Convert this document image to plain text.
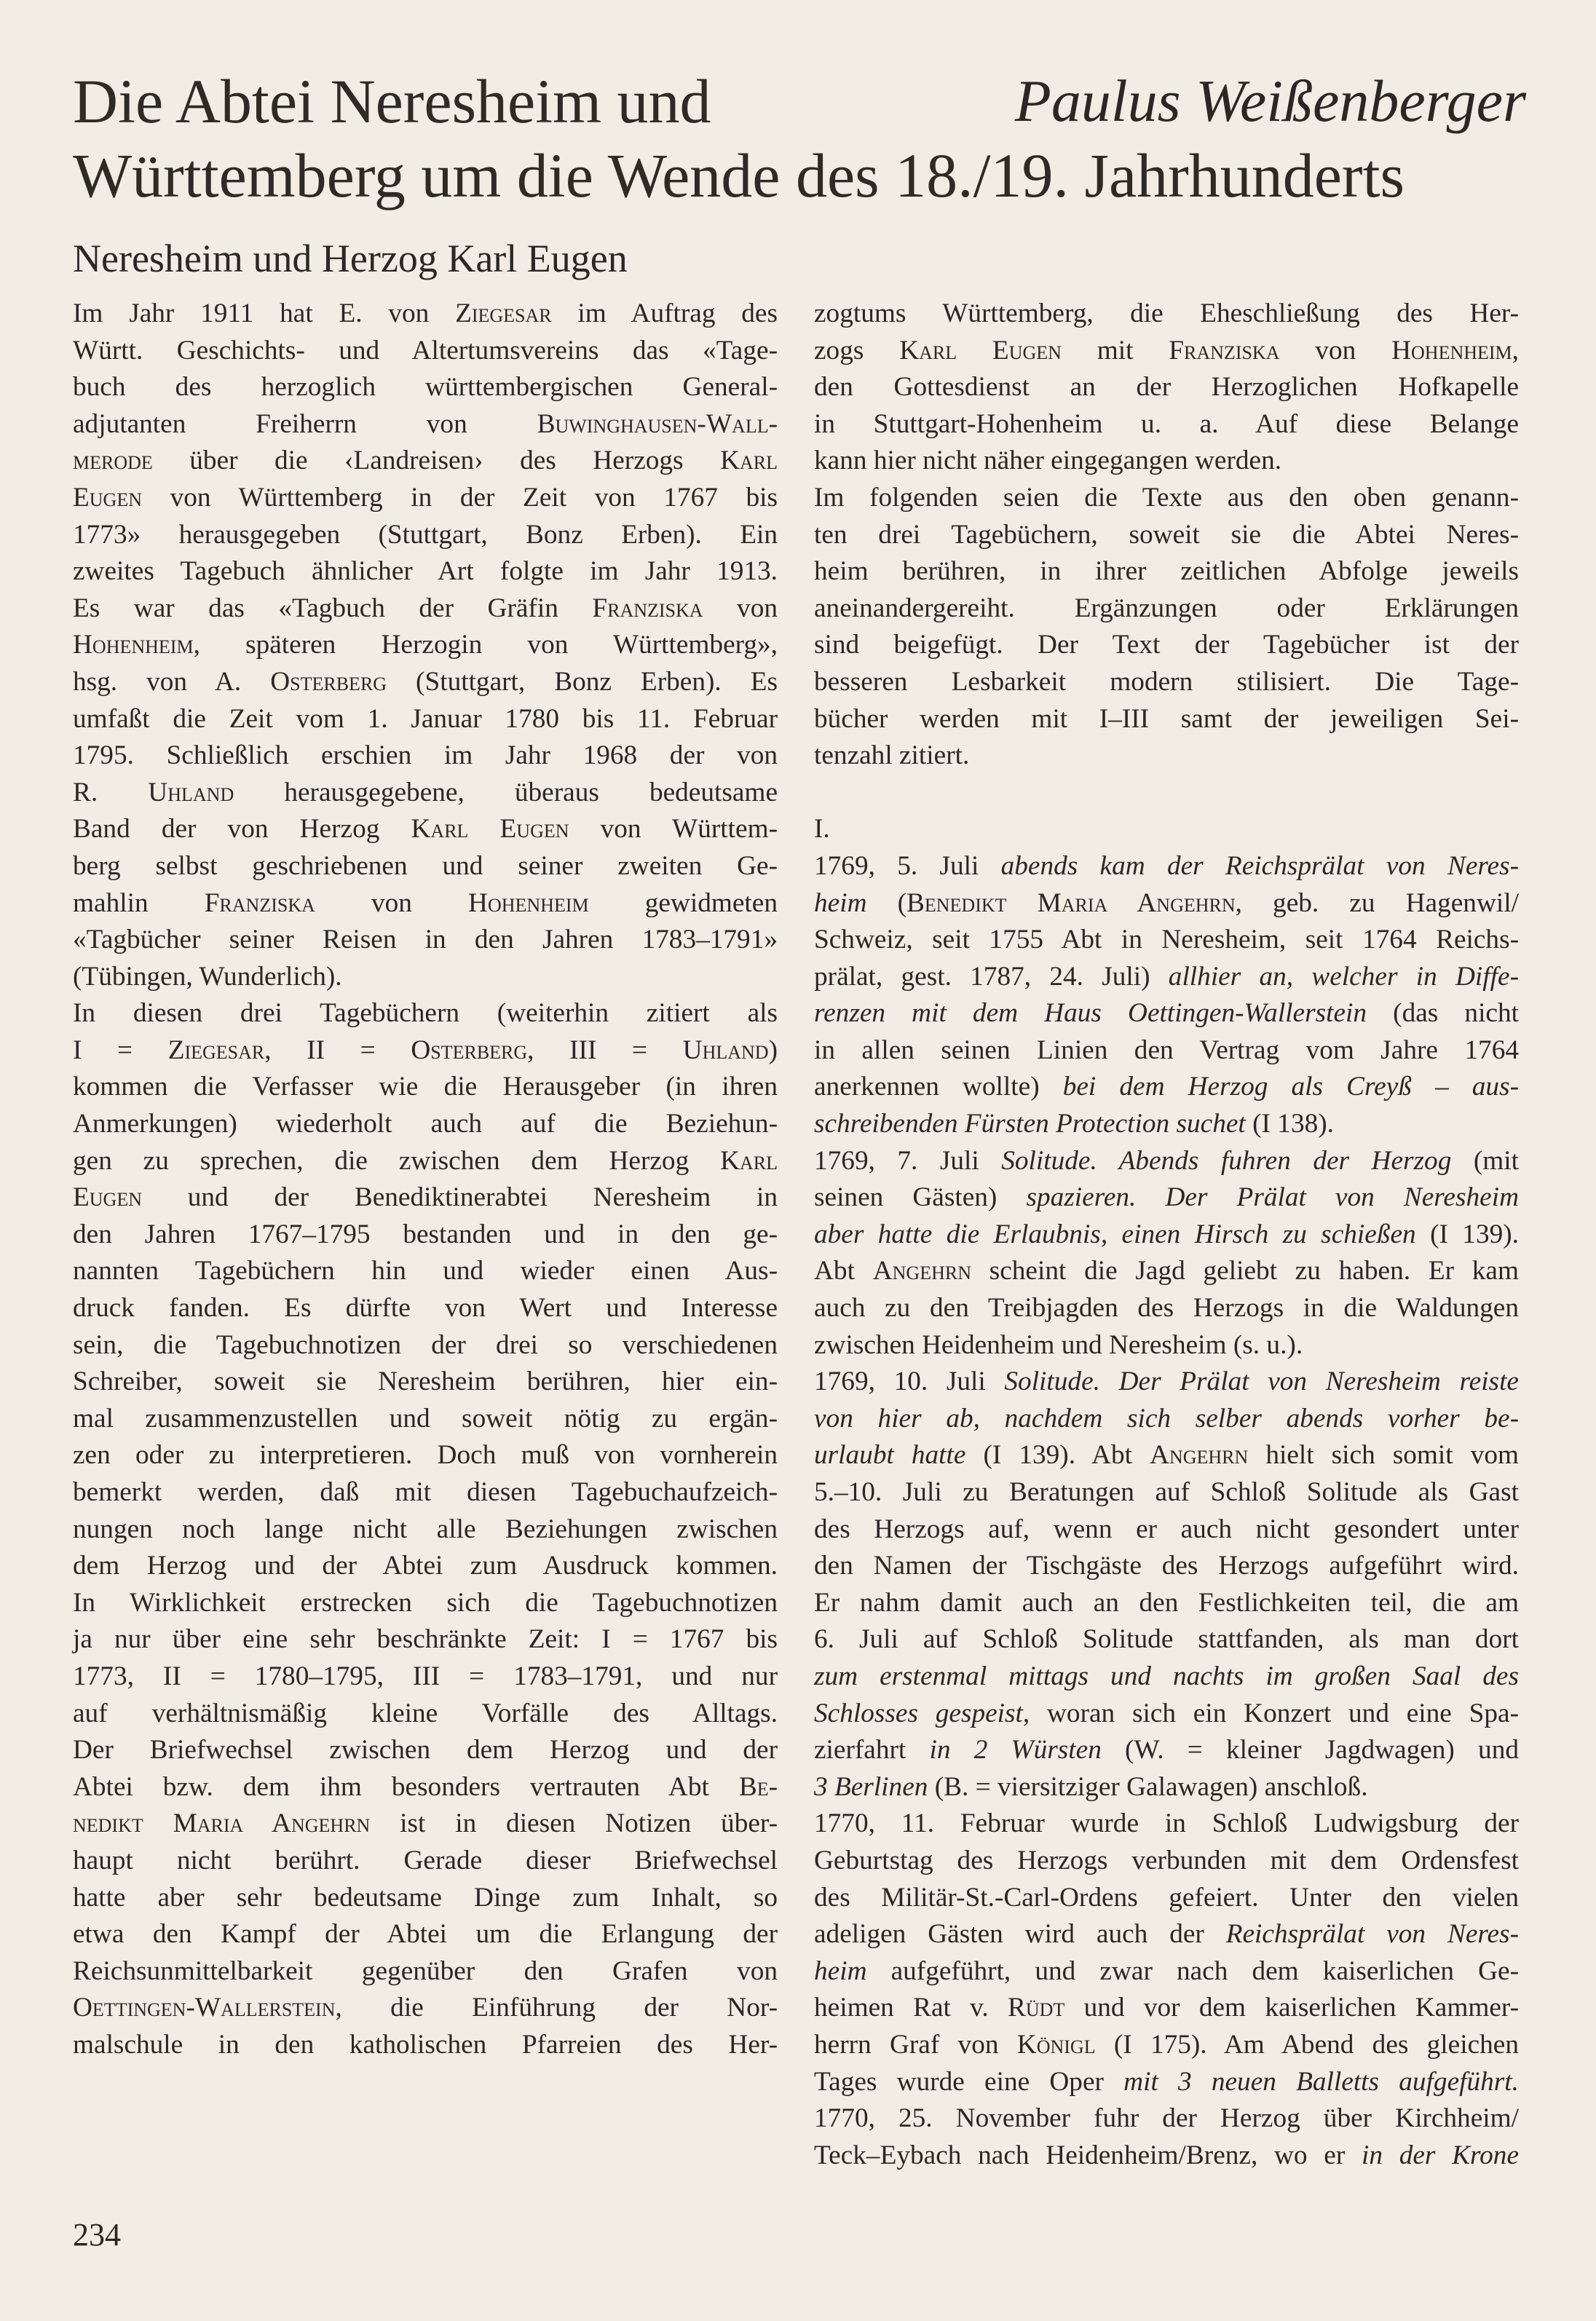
Die Abtei Neresheim und	Paulus Weißenberger
Württemberg um die Wende des 18./19. Jahrhunderts
Neresheim und Herzog Karl Eugen
Im Jahr 1911 hat E. von Ziegesar im Auftrag des
Württ. Geschichts- und Altertumsvereins das «Tage-
buch des herzoglich württembergischen General-
adjutanten Freiherrn von Buwinghausen-Wall-
merode über die ‹Landreisen› des Herzogs Karl
Eugen von Württemberg in der Zeit von 1767 bis
1773» herausgegeben (Stuttgart, Bonz Erben). Ein
zweites Tagebuch ähnlicher Art folgte im Jahr 1913.
Es war das «Tagbuch der Gräfin Franziska von
Hohenheim, späteren Herzogin von Württemberg»,
hsg. von A. Osterberg (Stuttgart, Bonz Erben). Es
umfaßt die Zeit vom 1. Januar 1780 bis 11. Februar
1795. Schließlich erschien im Jahr 1968 der von
R. Uhland herausgegebene, überaus bedeutsame
Band der von Herzog Karl Eugen von Württem-
berg selbst geschriebenen und seiner zweiten Ge-
mahlin Franziska von Hohenheim gewidmeten
«Tagbücher seiner Reisen in den Jahren 1783–1791»
(Tübingen, Wunderlich).
In diesen drei Tagebüchern (weiterhin zitiert als
I = Ziegesar, II = Osterberg, III = Uhland)
kommen die Verfasser wie die Herausgeber (in ihren
Anmerkungen) wiederholt auch auf die Beziehun-
gen zu sprechen, die zwischen dem Herzog Karl
Eugen und der Benediktinerabtei Neresheim in
den Jahren 1767–1795 bestanden und in den ge-
nannten Tagebüchern hin und wieder einen Aus-
druck fanden. Es dürfte von Wert und Interesse
sein, die Tagebuchnotizen der drei so verschiedenen
Schreiber, soweit sie Neresheim berühren, hier ein-
mal zusammenzustellen und soweit nötig zu ergän-
zen oder zu interpretieren. Doch muß von vornherein
bemerkt werden, daß mit diesen Tagebuchaufzeich-
nungen noch lange nicht alle Beziehungen zwischen
dem Herzog und der Abtei zum Ausdruck kommen.
In Wirklichkeit erstrecken sich die Tagebuchnotizen
ja nur über eine sehr beschränkte Zeit: I = 1767 bis
1773, II = 1780–1795, III = 1783–1791, und nur
auf verhältnismäßig kleine Vorfälle des Alltags.
Der Briefwechsel zwischen dem Herzog und der
Abtei bzw. dem ihm besonders vertrauten Abt Be-
nedikt Maria Angehrn ist in diesen Notizen über-
haupt nicht berührt. Gerade dieser Briefwechsel
hatte aber sehr bedeutsame Dinge zum Inhalt, so
etwa den Kampf der Abtei um die Erlangung der
Reichsunmittelbarkeit gegenüber den Grafen von
Oettingen-Wallerstein, die Einführung der Nor-
malschule in den katholischen Pfarreien des Her-
zogtums Württemberg, die Eheschließung des Her-
zogs Karl Eugen mit Franziska von Hohenheim,
den Gottesdienst an der Herzoglichen Hofkapelle
in Stuttgart-Hohenheim u. a. Auf diese Belange
kann hier nicht näher eingegangen werden.
Im folgenden seien die Texte aus den oben genann-
ten drei Tagebüchern, soweit sie die Abtei Neres-
heim berühren, in ihrer zeitlichen Abfolge jeweils
aneinandergereiht. Ergänzungen oder Erklärungen
sind beigefügt. Der Text der Tagebücher ist der
besseren Lesbarkeit modern stilisiert. Die Tage-
bücher werden mit I–III samt der jeweiligen Sei-
tenzahl zitiert.
I.
1769, 5. Juli abends kam der Reichsprälat von Neres-
heim (Benedikt Maria Angehrn, geb. zu Hagenwil/
Schweiz, seit 1755 Abt in Neresheim, seit 1764 Reichs-
prälat, gest. 1787, 24. Juli) allhier an, welcher in Diffe-
renzen mit dem Haus Oettingen-Wallerstein (das nicht
in allen seinen Linien den Vertrag vom Jahre 1764
anerkennen wollte) bei dem Herzog als Creyß – aus-
schreibenden Fürsten Protection suchet (I 138).
1769, 7. Juli Solitude. Abends fuhren der Herzog (mit
seinen Gästen) spazieren. Der Prälat von Neresheim
aber hatte die Erlaubnis, einen Hirsch zu schießen (I 139).
Abt Angehrn scheint die Jagd geliebt zu haben. Er kam
auch zu den Treibjagden des Herzogs in die Waldungen
zwischen Heidenheim und Neresheim (s. u.).
1769, 10. Juli Solitude. Der Prälat von Neresheim reiste
von hier ab, nachdem sich selber abends vorher be-
urlaubt hatte (I 139). Abt Angehrn hielt sich somit vom
5.–10. Juli zu Beratungen auf Schloß Solitude als Gast
des Herzogs auf, wenn er auch nicht gesondert unter
den Namen der Tischgäste des Herzogs aufgeführt wird.
Er nahm damit auch an den Festlichkeiten teil, die am
6. Juli auf Schloß Solitude stattfanden, als man dort
zum erstenmal mittags und nachts im großen Saal des
Schlosses gespeist, woran sich ein Konzert und eine Spa-
zierfahrt in 2 Würsten (W. = kleiner Jagdwagen) und
3 Berlinen (B. = viersitziger Galawagen) anschloß.
1770, 11. Februar wurde in Schloß Ludwigsburg der
Geburtstag des Herzogs verbunden mit dem Ordensfest
des Militär-St.-Carl-Ordens gefeiert. Unter den vielen
adeligen Gästen wird auch der Reichsprälat von Neres-
heim aufgeführt, und zwar nach dem kaiserlichen Ge-
heimen Rat v. Rüdt und vor dem kaiserlichen Kammer-
herrn Graf von Königl (I 175). Am Abend des gleichen
Tages wurde eine Oper mit 3 neuen Balletts aufgeführt.
1770, 25. November fuhr der Herzog über Kirchheim/
Teck–Eybach nach Heidenheim/Brenz, wo er in der Krone
234
